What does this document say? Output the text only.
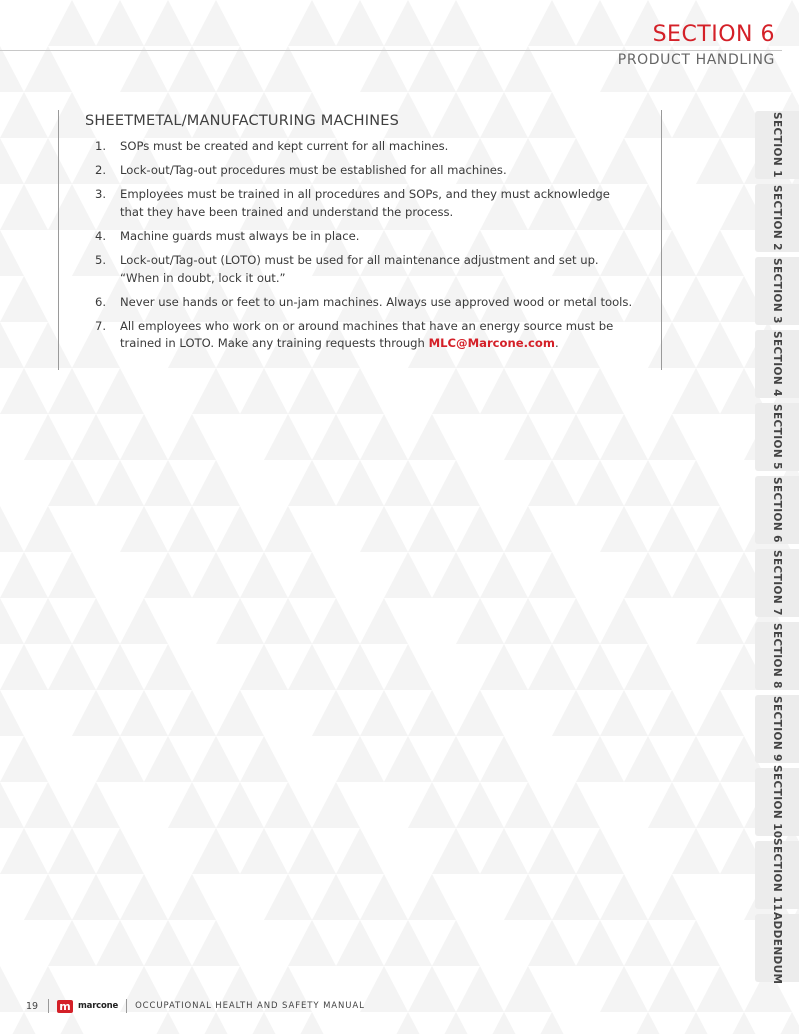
SECTION 6
PRODUCT HANDLING
SHEETMETAL/MANUFACTURING MACHINES
1. SOPs must be created and kept current for all machines.
2. Lock-out/Tag-out procedures must be established for all machines.
3. Employees must be trained in all procedures and SOPs, and they must acknowledge that they have been trained and understand the process.
4. Machine guards must always be in place.
5. Lock-out/Tag-out (LOTO) must be used for all maintenance adjustment and set up. “When in doubt, lock it out.”
6. Never use hands or feet to un-jam machines. Always use approved wood or metal tools.
7. All employees who work on or around machines that have an energy source must be trained in LOTO. Make any training requests through MLC@Marcone.com.
SECTION 1
SECTION 2
SECTION 3
SECTION 4
SECTION 5
SECTION 6
SECTION 7
SECTION 8
SECTION 9
SECTION 10
SECTION 11
ADDENDUM
19 m marcone OCCUPATIONAL HEALTH AND SAFETY MANUAL
